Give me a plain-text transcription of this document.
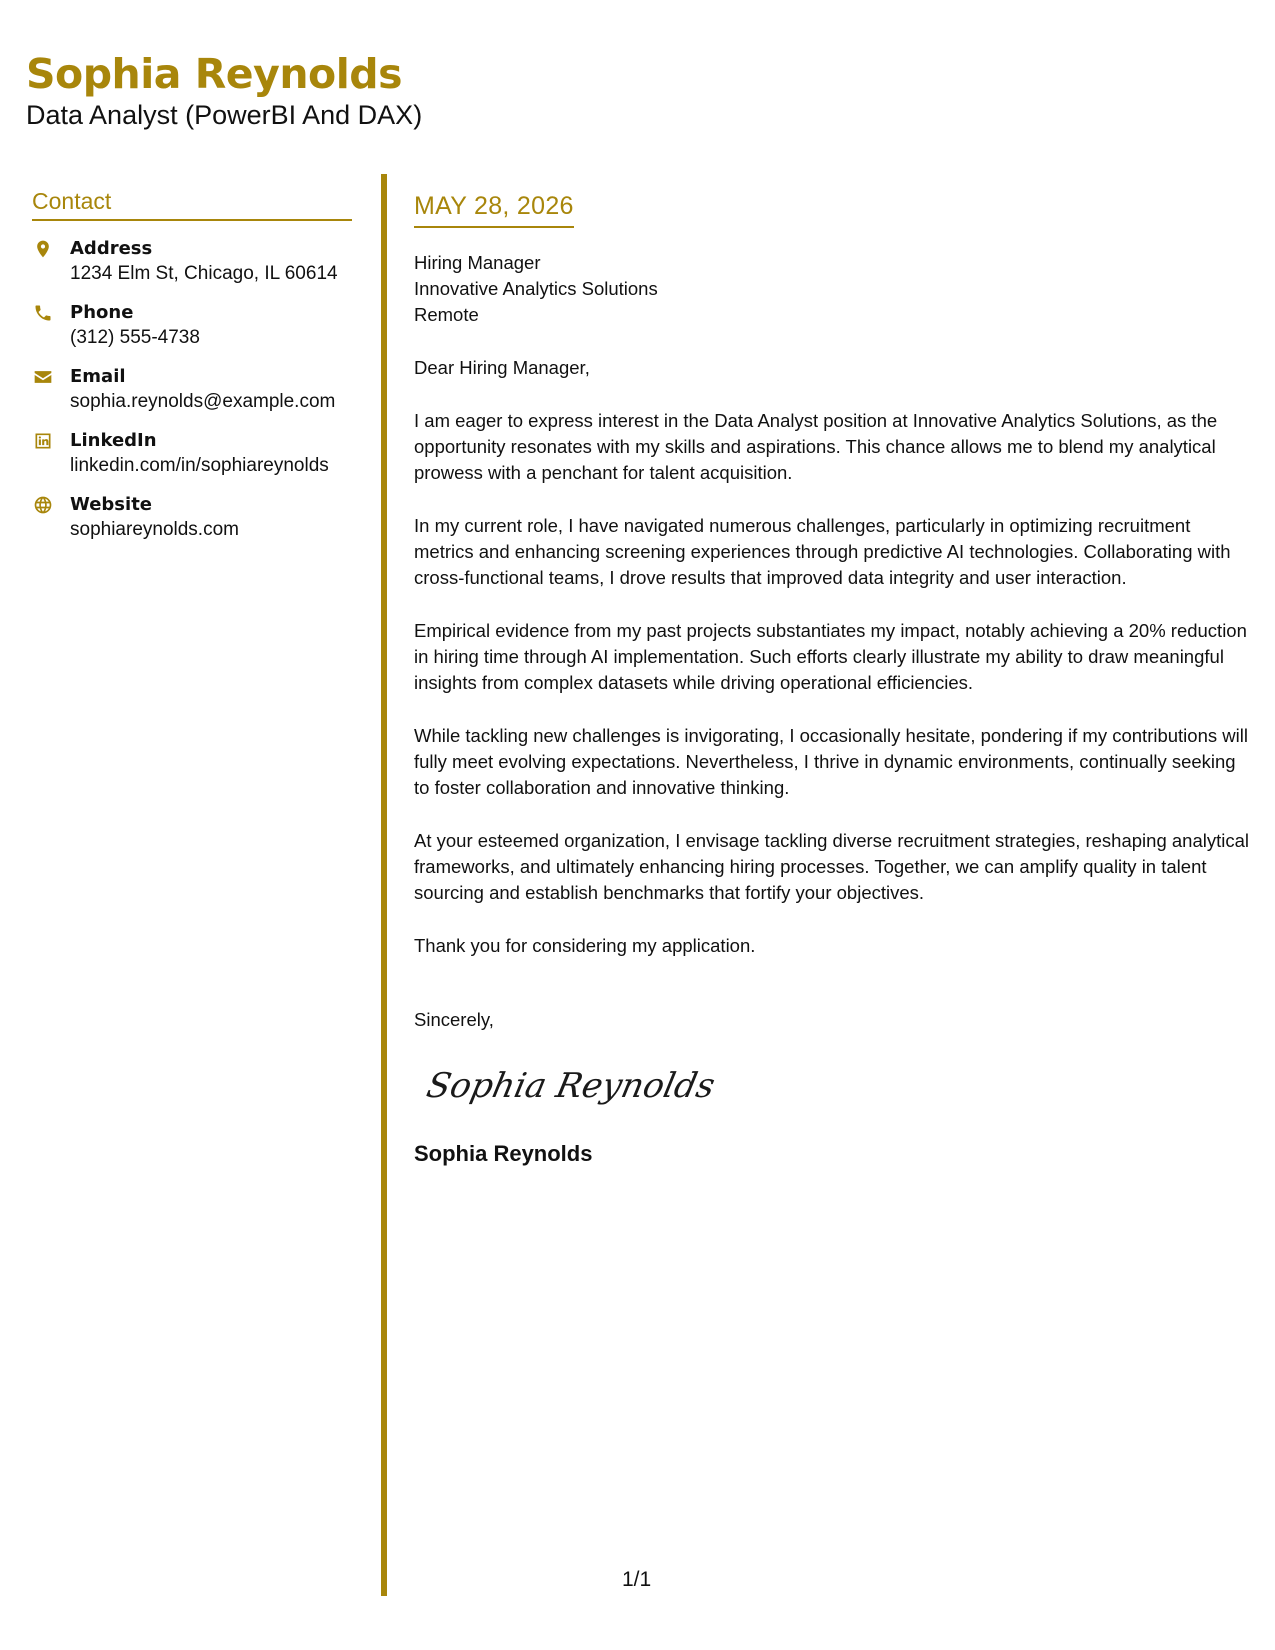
Sophia Reynolds
Data Analyst (PowerBI And DAX)
Contact
Address
1234 Elm St, Chicago, IL 60614
Phone
(312) 555-4738
Email
sophia.reynolds@example.com
LinkedIn
linkedin.com/in/sophiareynolds
Website
sophiareynolds.com
MAY 28, 2026
Hiring Manager
Innovative Analytics Solutions
Remote
Dear Hiring Manager,

I am eager to express interest in the Data Analyst position at Innovative Analytics Solutions, as the opportunity resonates with my skills and aspirations. This chance allows me to blend my analytical prowess with a penchant for talent acquisition.

In my current role, I have navigated numerous challenges, particularly in optimizing recruitment metrics and enhancing screening experiences through predictive AI technologies. Collaborating with cross-functional teams, I drove results that improved data integrity and user interaction.

Empirical evidence from my past projects substantiates my impact, notably achieving a 20% reduction in hiring time through AI implementation. Such efforts clearly illustrate my ability to draw meaningful insights from complex datasets while driving operational efficiencies.

While tackling new challenges is invigorating, I occasionally hesitate, pondering if my contributions will fully meet evolving expectations. Nevertheless, I thrive in dynamic environments, continually seeking to foster collaboration and innovative thinking.

At your esteemed organization, I envisage tackling diverse recruitment strategies, reshaping analytical frameworks, and ultimately enhancing hiring processes. Together, we can amplify quality in talent sourcing and establish benchmarks that fortify your objectives.

Thank you for considering my application.

Sincerely,
Sophia Reynolds
Sophia Reynolds
1/1
